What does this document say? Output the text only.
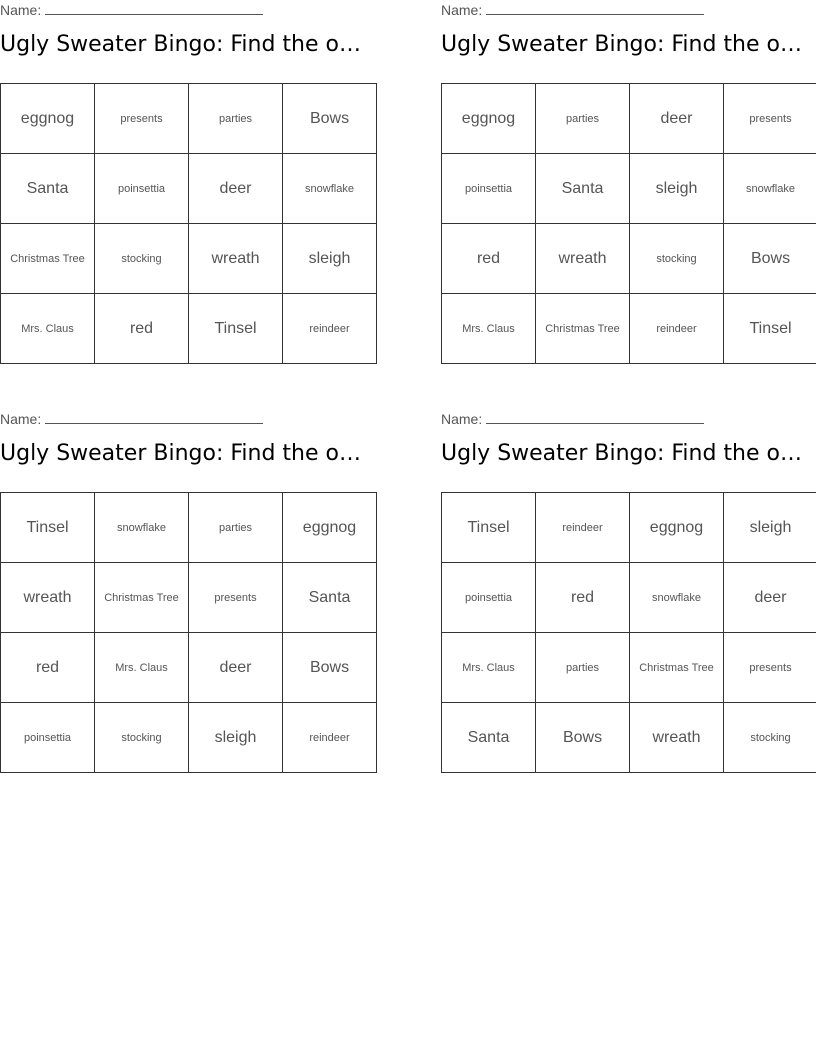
Name:
Ugly Sweater Bingo: Find the o…
eggnog	presents	parties	Bows
Santa	poinsettia	deer	snowflake
Christmas Tree	stocking	wreath	sleigh
Mrs. Claus	red	Tinsel	reindeer
Name:
Ugly Sweater Bingo: Find the o…
eggnog	parties	deer	presents
poinsettia	Santa	sleigh	snowflake
red	wreath	stocking	Bows
Mrs. Claus	Christmas Tree	reindeer	Tinsel
Name:
Ugly Sweater Bingo: Find the o…
Tinsel	snowflake	parties	eggnog
wreath	Christmas Tree	presents	Santa
red	Mrs. Claus	deer	Bows
poinsettia	stocking	sleigh	reindeer
Name:
Ugly Sweater Bingo: Find the o…
Tinsel	reindeer	eggnog	sleigh
poinsettia	red	snowflake	deer
Mrs. Claus	parties	Christmas Tree	presents
Santa	Bows	wreath	stocking
